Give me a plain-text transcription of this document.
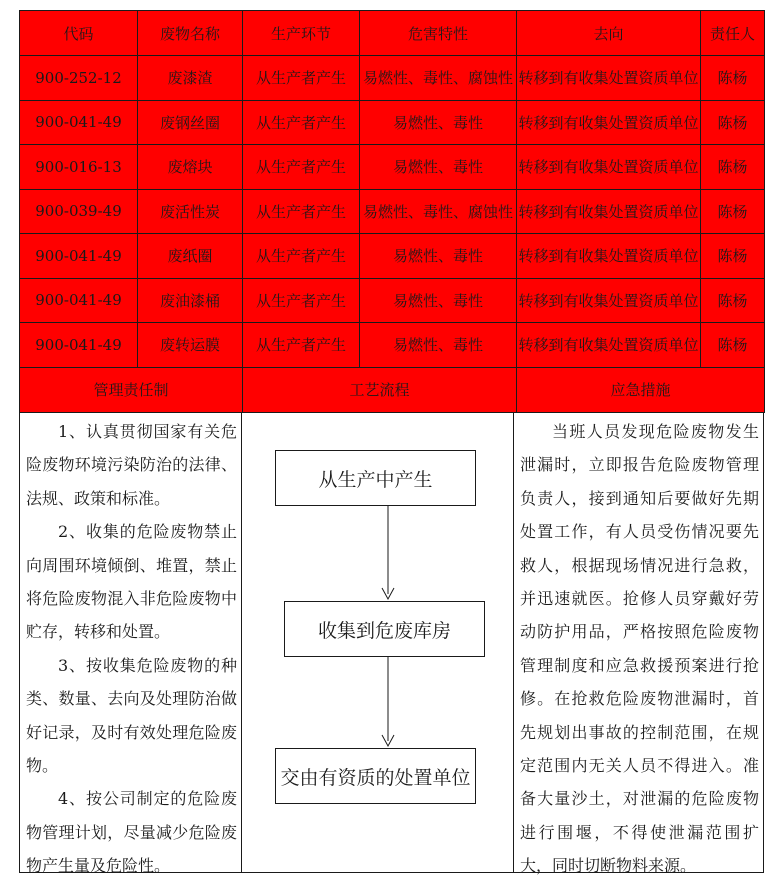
代码	废物名称	生产环节	危害特性	去向	责任人
900-252-12	废漆渣	从生产者产生	易燃性、毒性、腐蚀性	转移到有收集处置资质单位	陈杨
900-041-49	废钢丝圈	从生产者产生	易燃性、毒性	转移到有收集处置资质单位	陈杨
900-016-13	废熔块	从生产者产生	易燃性、毒性	转移到有收集处置资质单位	陈杨
900-039-49	废活性炭	从生产者产生	易燃性、毒性、腐蚀性	转移到有收集处置资质单位	陈杨
900-041-49	废纸圈	从生产者产生	易燃性、毒性	转移到有收集处置资质单位	陈杨
900-041-49	废油漆桶	从生产者产生	易燃性、毒性	转移到有收集处置资质单位	陈杨
900-041-49	废转运膜	从生产者产生	易燃性、毒性	转移到有收集处置资质单位	陈杨
管理责任制		工艺流程		应急措施	

1、认真贯彻国家有关危险废物环境污染防治的法律、法规、政策和标准。

2、收集的危险废物禁止向周围环境倾倒、堆置，禁止将危险废物混入非危险废物中贮存，转移和处置。

3、按收集危险废物的种类、数量、去向及处理防治做好记录，及时有效处理危险废物。

4、按公司制定的危险废物管理计划，尽量减少危险废物产生量及危险性。

从生产中产生
收集到危废库房
交由有资质的处置单位

当班人员发现危险废物发生泄漏时，立即报告危险废物管理负责人，接到通知后要做好先期处置工作，有人员受伤情况要先救人，根据现场情况进行急救，并迅速就医。抢修人员穿戴好劳动防护用品，严格按照危险废物管理制度和应急救援预案进行抢修。在抢救危险废物泄漏时，首先规划出事故的控制范围，在规定范围内无关人员不得进入。准备大量沙土，对泄漏的危险废物进行围堰，不得使泄漏范围扩大，同时切断物料来源。
